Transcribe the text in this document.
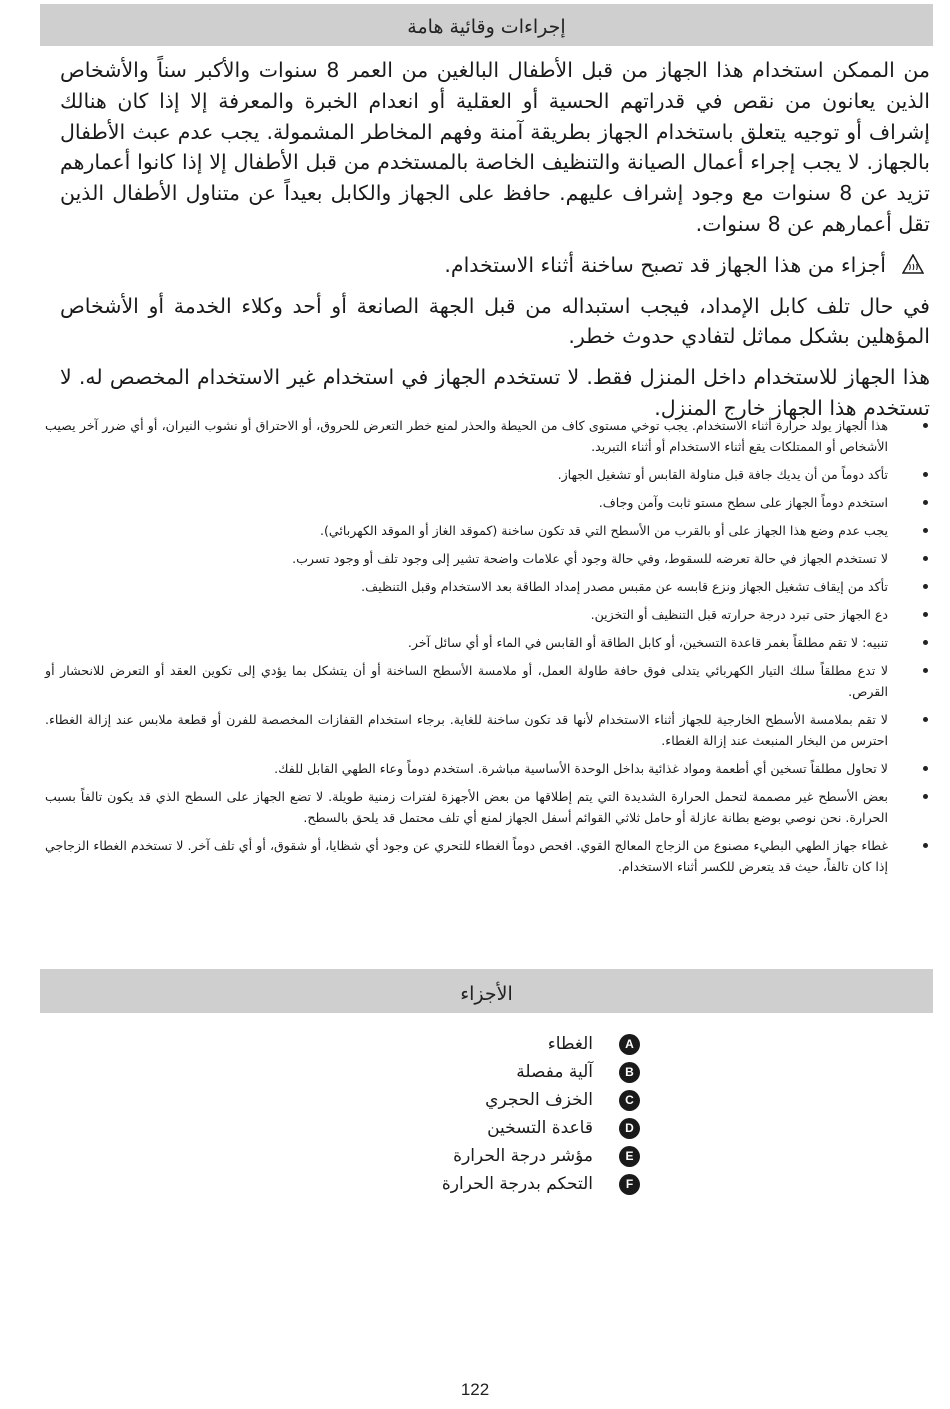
إجراءات وقائية هامة

من الممكن استخدام هذا الجهاز من قبل الأطفال البالغين من العمر 8 سنوات والأكبر سناً والأشخاص الذين يعانون من نقص في قدراتهم الحسية أو العقلية أو انعدام الخبرة والمعرفة إلا إذا كان هنالك إشراف أو توجيه يتعلق باستخدام الجهاز بطريقة آمنة وفهم المخاطر المشمولة. يجب عدم عبث الأطفال بالجهاز. لا يجب إجراء أعمال الصيانة والتنظيف الخاصة بالمستخدم من قبل الأطفال إلا إذا كانوا أعمارهم تزيد عن 8 سنوات مع وجود إشراف عليهم. حافظ على الجهاز والكابل بعيداً عن متناول الأطفال الذين تقل أعمارهم عن 8 سنوات.

أجزاء من هذا الجهاز قد تصبح ساخنة أثناء الاستخدام.

في حال تلف كابل الإمداد، فيجب استبداله من قبل الجهة الصانعة أو أحد وكلاء الخدمة أو الأشخاص المؤهلين بشكل مماثل لتفادي حدوث خطر.

هذا الجهاز للاستخدام داخل المنزل فقط. لا تستخدم الجهاز في استخدام غير الاستخدام المخصص له. لا تستخدم هذا الجهاز خارج المنزل.

هذا الجهاز يولد حرارة أثناء الاستخدام. يجب توخي مستوى كاف من الحيطة والحذر لمنع خطر التعرض للحروق، أو الاحتراق أو نشوب النيران، أو أي ضرر آخر يصيب الأشخاص أو الممتلكات يقع أثناء الاستخدام أو أثناء التبريد.
تأكد دوماً من أن يديك جافة قبل مناولة القابس أو تشغيل الجهاز.
استخدم دوماً الجهاز على سطح مستو ثابت وآمن وجاف.
يجب عدم وضع هذا الجهاز على أو بالقرب من الأسطح التي قد تكون ساخنة (كموقد الغاز أو الموقد الكهربائي).
لا تستخدم الجهاز في حالة تعرضه للسقوط، وفي حالة وجود أي علامات واضحة تشير إلى وجود تلف أو وجود تسرب.
تأكد من إيقاف تشغيل الجهاز ونزع قابسه عن مقبس مصدر إمداد الطاقة بعد الاستخدام وقبل التنظيف.
دع الجهاز حتى تبرد درجة حرارته قبل التنظيف أو التخزين.
تنبيه: لا تقم مطلقاً بغمر قاعدة التسخين، أو كابل الطاقة أو القابس في الماء أو أي سائل آخر.
لا تدع مطلقاً سلك التيار الكهربائي يتدلى فوق حافة طاولة العمل، أو ملامسة الأسطح الساخنة أو أن يتشكل بما يؤدي إلى تكوين العقد أو التعرض للانحشار أو القرص.
لا تقم بملامسة الأسطح الخارجية للجهاز أثناء الاستخدام لأنها قد تكون ساخنة للغاية. برجاء استخدام القفازات المخصصة للفرن أو قطعة ملابس عند إزالة الغطاء. احترس من البخار المنبعث عند إزالة الغطاء.
لا تحاول مطلقاً تسخين أي أطعمة ومواد غذائية بداخل الوحدة الأساسية مباشرة. استخدم دوماً وعاء الطهي القابل للفك.
بعض الأسطح غير مصممة لتحمل الحرارة الشديدة التي يتم إطلاقها من بعض الأجهزة لفترات زمنية طويلة. لا تضع الجهاز على السطح الذي قد يكون تالفاً بسبب الحرارة. نحن نوصي بوضع بطانة عازلة أو حامل ثلاثي القوائم أسفل الجهاز لمنع أي تلف محتمل قد يلحق بالسطح.
غطاء جهاز الطهي البطيء مصنوع من الزجاج المعالج القوي. افحص دوماً الغطاء للتحري عن وجود أي شظايا، أو شقوق، أو أي تلف آخر. لا تستخدم الغطاء الزجاجي إذا كان تالفاً، حيث قد يتعرض للكسر أثناء الاستخدام.
الأجزاء
A
الغطاء
B
آلية مفصلة
C
الخزف الحجري
D
قاعدة التسخين
E
مؤشر درجة الحرارة
F
التحكم بدرجة الحرارة
122
